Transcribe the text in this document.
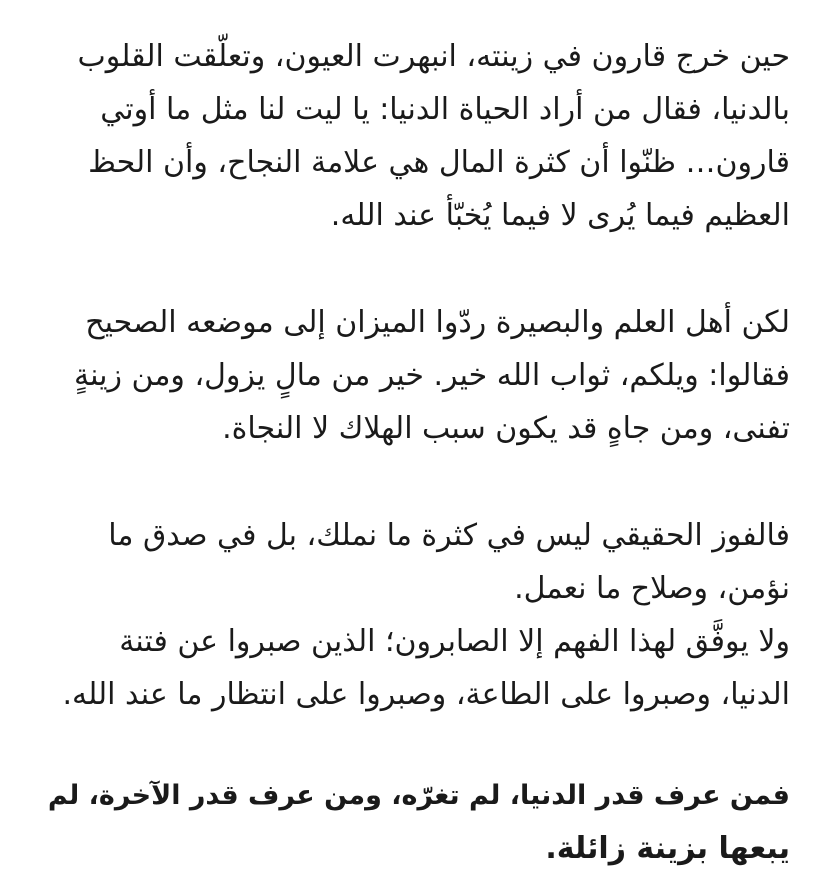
حين خرج قارون في زينته، انبهرت العيون، وتعلّقت القلوب
بالدنيا، فقال من أراد الحياة الدنيا: يا ليت لنا مثل ما أوتي
قارون… ظنّوا أن كثرة المال هي علامة النجاح، وأن الحظ
العظيم فيما يُرى لا فيما يُخبّأ عند الله.

لكن أهل العلم والبصيرة ردّوا الميزان إلى موضعه الصحيح
فقالوا: ويلكم، ثواب الله خير. خير من مالٍ يزول، ومن زينةٍ
تفنى، ومن جاهٍ قد يكون سبب الهلاك لا النجاة.

فالفوز الحقيقي ليس في كثرة ما نملك، بل في صدق ما
نؤمن، وصلاح ما نعمل.
ولا يوفَّق لهذا الفهم إلا الصابرون؛ الذين صبروا عن فتنة
الدنيا، وصبروا على الطاعة، وصبروا على انتظار ما عند الله.

فمن عرف قدر الدنيا، لم تغرّه، ومن عرف قدر الآخرة، لم
يبعها بزينة زائلة.
